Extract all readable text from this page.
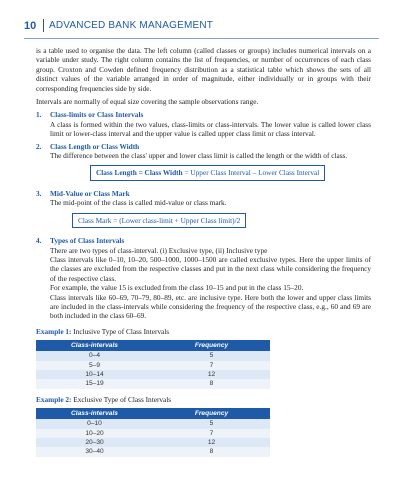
10 ADVANCED BANK MANAGEMENT

is a table used to organise the data. The left column (called classes or groups) includes numerical intervals on a variable under study. The right column contains the list of frequencies, or number of occurrences of each class group. Croxton and Cowden defined frequency distribution as a statistical table which shows the sets of all distinct values of the variable arranged in order of magnitude, either individually or in groups with their corresponding frequencies side by side.

Intervals are normally of equal size covering the sample observations range.

1. Class-limits or Class Intervals
A class is formed within the two values, class-limits or class-intervals. The lower value is called lower class limit or lower-class interval and the upper value is called upper class limit or class interval.
2. Class Length or Class Width
The difference between the class' upper and lower class limit is called the length or the width of class.
Class Length = Class Width = Upper Class Interval – Lower Class Interval
3. Mid-Value or Class Mark
The mid-point of the class is called mid-value or class mark.
Class Mark = (Lower class-limit + Upper Class limit)/2
4. Types of Class Intervals
There are two types of class-interval. (i) Exclusive type, (ii) Inclusive type
Class intervals like 0–10, 10–20, 500–1000, 1000–1500 are called exclusive types. Here the upper limits of the classes are excluded from the respective classes and put in the next class while considering the frequency of the respective class.
For example, the value 15 is excluded from the class 10–15 and put in the class 15–20.
Class intervals like 60–69, 70–79, 80–89, etc. are inclusive type. Here both the lower and upper class limits are included in the class-intervals while considering the frequency of the respective class, e.g., 60 and 69 are both included in the class 60–69.
Example 1: Inclusive Type of Class Intervals
Class-intervals	Frequency
0–4	5
5–9	7
10–14	12
15–19	8
Example 2: Exclusive Type of Class Intervals
Class-intervals	Frequency
0–10	5
10–20	7
20–30	12
30–40	8
